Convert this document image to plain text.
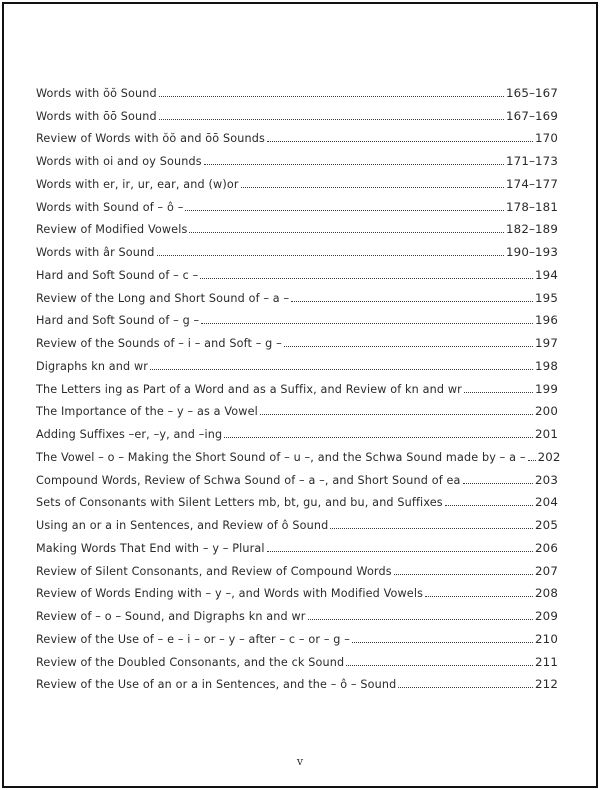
Words with ŏŏ Sound	165–167
Words with ōō Sound	167–169
Review of Words with ŏŏ and ōō Sounds	170
Words with oi and oy Sounds	171–173
Words with er, ir, ur, ear, and (w)or	174–177
Words with Sound of – ô –	178–181
Review of Modified Vowels	182–189
Words with âr Sound	190–193
Hard and Soft Sound of – c –	194
Review of the Long and Short Sound of – a –	195
Hard and Soft Sound of – g –	196
Review of the Sounds of – i – and Soft – g –	197
Digraphs kn and wr	198
The Letters ing as Part of a Word and as a Suffix, and Review of kn and wr	199
The Importance of the – y – as a Vowel	200
Adding Suffixes –er, –y, and –ing	201
The Vowel – o – Making the Short Sound of – u –, and the Schwa Sound made by – a – 202
Compound Words, Review of Schwa Sound of – a –, and Short Sound of ea	203
Sets of Consonants with Silent Letters mb, bt, gu, and bu, and Suffixes	204
Using an or a in Sentences, and Review of ô Sound	205
Making Words That End with – y – Plural	206
Review of Silent Consonants, and Review of Compound Words	207
Review of Words Ending with – y –, and Words with Modified Vowels	208
Review of – o – Sound, and Digraphs kn and wr	209
Review of the Use of – e – i – or – y – after – c – or – g –	210
Review of the Doubled Consonants, and the ck Sound	211
Review of the Use of an or a in Sentences, and the – ô – Sound	212
v
